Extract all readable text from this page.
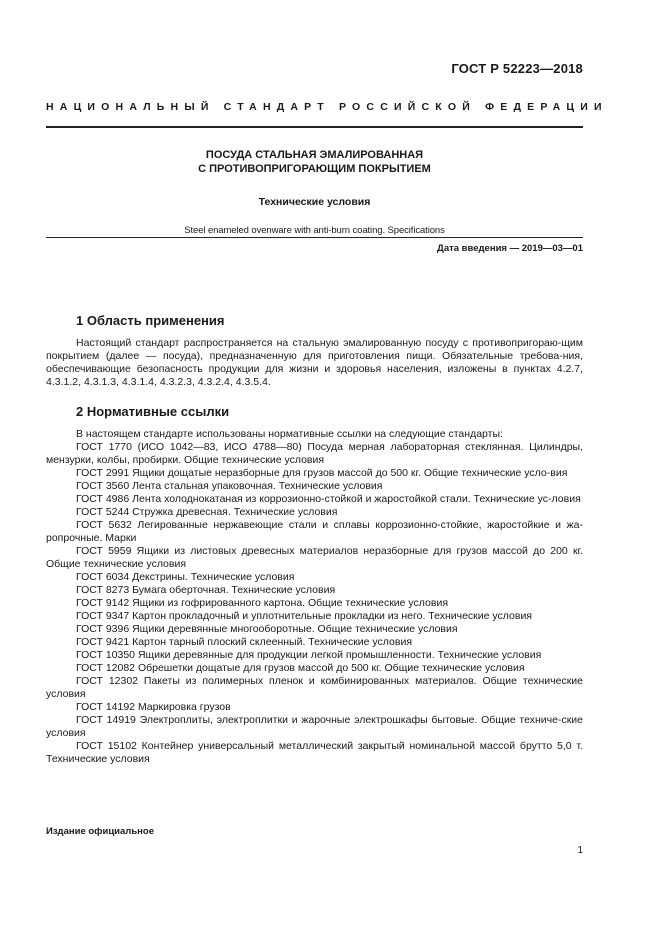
ГОСТ Р 52223—2018
НАЦИОНАЛЬНЫЙ СТАНДАРТ РОССИЙСКОЙ ФЕДЕРАЦИИ
ПОСУДА СТАЛЬНАЯ ЭМАЛИРОВАННАЯ
С ПРОТИВОПРИГОРАЮЩИМ ПОКРЫТИЕМ
Технические условия
Steel enameled ovenware with anti-burn coating. Specifications
Дата введения — 2019—03—01
1 Область применения

Настоящий стандарт распространяется на стальную эмалированную посуду с противопригораю-щим покрытием (далее — посуда), предназначенную для приготовления пищи. Обязательные требова-ния, обеспечивающие безопасность продукции для жизни и здоровья населения, изложены в пунктах 4.2.7, 4.3.1.2, 4.3.1.3, 4.3.1.4, 4.3.2.3, 4.3.2.4, 4.3.5.4.

2 Нормативные ссылки

В настоящем стандарте использованы нормативные ссылки на следующие стандарты:

ГОСТ 1770 (ИСО 1042—83, ИСО 4788—80) Посуда мерная лабораторная стеклянная. Цилиндры, мензурки, колбы, пробирки. Общие технические условия

ГОСТ 2991 Ящики дощатые неразборные для грузов массой до 500 кг. Общие технические усло-вия

ГОСТ 3560 Лента стальная упаковочная. Технические условия

ГОСТ 4986 Лента холоднокатаная из коррозионно-стойкой и жаростойкой стали. Технические ус-ловия

ГОСТ 5244 Стружка древесная. Технические условия

ГОСТ 5632 Легированные нержавеющие стали и сплавы коррозионно-стойкие, жаростойкие и жа-ропрочные. Марки

ГОСТ 5959 Ящики из листовых древесных материалов неразборные для грузов массой до 200 кг. Общие технические условия

ГОСТ 6034 Декстрины. Технические условия

ГОСТ 8273 Бумага оберточная. Технические условия

ГОСТ 9142 Ящики из гофрированного картона. Общие технические условия

ГОСТ 9347 Картон прокладочный и уплотнительные прокладки из него. Технические условия

ГОСТ 9396 Ящики деревянные многооборотные. Общие технические условия

ГОСТ 9421 Картон тарный плоский склеенный. Технические условия

ГОСТ 10350 Ящики деревянные для продукции легкой промышленности. Технические условия

ГОСТ 12082 Обрешетки дощатые для грузов массой до 500 кг. Общие технические условия

ГОСТ 12302 Пакеты из полимерных пленок и комбинированных материалов. Общие технические условия

ГОСТ 14192 Маркировка грузов

ГОСТ 14919 Электроплиты, электроплитки и жарочные электрошкафы бытовые. Общие техниче-ские условия

ГОСТ 15102 Контейнер универсальный металлический закрытый номинальной массой брутто 5,0 т. Технические условия

Издание официальное
1
